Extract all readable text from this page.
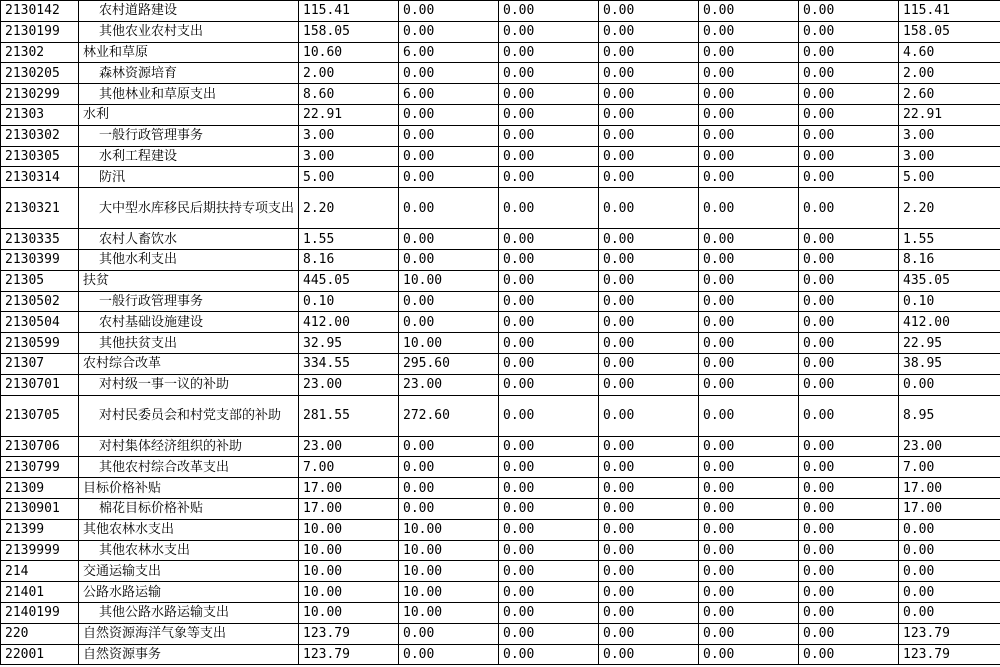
2130142	农村道路建设	115.41	0.00	0.00	0.00	0.00	0.00	115.41
2130199	其他农业农村支出	158.05	0.00	0.00	0.00	0.00	0.00	158.05
21302	林业和草原	10.60	6.00	0.00	0.00	0.00	0.00	4.60
2130205	森林资源培育	2.00	0.00	0.00	0.00	0.00	0.00	2.00
2130299	其他林业和草原支出	8.60	6.00	0.00	0.00	0.00	0.00	2.60
21303	水利	22.91	0.00	0.00	0.00	0.00	0.00	22.91
2130302	一般行政管理事务	3.00	0.00	0.00	0.00	0.00	0.00	3.00
2130305	水利工程建设	3.00	0.00	0.00	0.00	0.00	0.00	3.00
2130314	防汛	5.00	0.00	0.00	0.00	0.00	0.00	5.00
2130321	大中型水库移民后期扶持专项支出	2.20	0.00	0.00	0.00	0.00	0.00	2.20
2130335	农村人畜饮水	1.55	0.00	0.00	0.00	0.00	0.00	1.55
2130399	其他水利支出	8.16	0.00	0.00	0.00	0.00	0.00	8.16
21305	扶贫	445.05	10.00	0.00	0.00	0.00	0.00	435.05
2130502	一般行政管理事务	0.10	0.00	0.00	0.00	0.00	0.00	0.10
2130504	农村基础设施建设	412.00	0.00	0.00	0.00	0.00	0.00	412.00
2130599	其他扶贫支出	32.95	10.00	0.00	0.00	0.00	0.00	22.95
21307	农村综合改革	334.55	295.60	0.00	0.00	0.00	0.00	38.95
2130701	对村级一事一议的补助	23.00	23.00	0.00	0.00	0.00	0.00	0.00
2130705	对村民委员会和村党支部的补助	281.55	272.60	0.00	0.00	0.00	0.00	8.95
2130706	对村集体经济组织的补助	23.00	0.00	0.00	0.00	0.00	0.00	23.00
2130799	其他农村综合改革支出	7.00	0.00	0.00	0.00	0.00	0.00	7.00
21309	目标价格补贴	17.00	0.00	0.00	0.00	0.00	0.00	17.00
2130901	棉花目标价格补贴	17.00	0.00	0.00	0.00	0.00	0.00	17.00
21399	其他农林水支出	10.00	10.00	0.00	0.00	0.00	0.00	0.00
2139999	其他农林水支出	10.00	10.00	0.00	0.00	0.00	0.00	0.00
214	交通运输支出	10.00	10.00	0.00	0.00	0.00	0.00	0.00
21401	公路水路运输	10.00	10.00	0.00	0.00	0.00	0.00	0.00
2140199	其他公路水路运输支出	10.00	10.00	0.00	0.00	0.00	0.00	0.00
220	自然资源海洋气象等支出	123.79	0.00	0.00	0.00	0.00	0.00	123.79
22001	自然资源事务	123.79	0.00	0.00	0.00	0.00	0.00	123.79
